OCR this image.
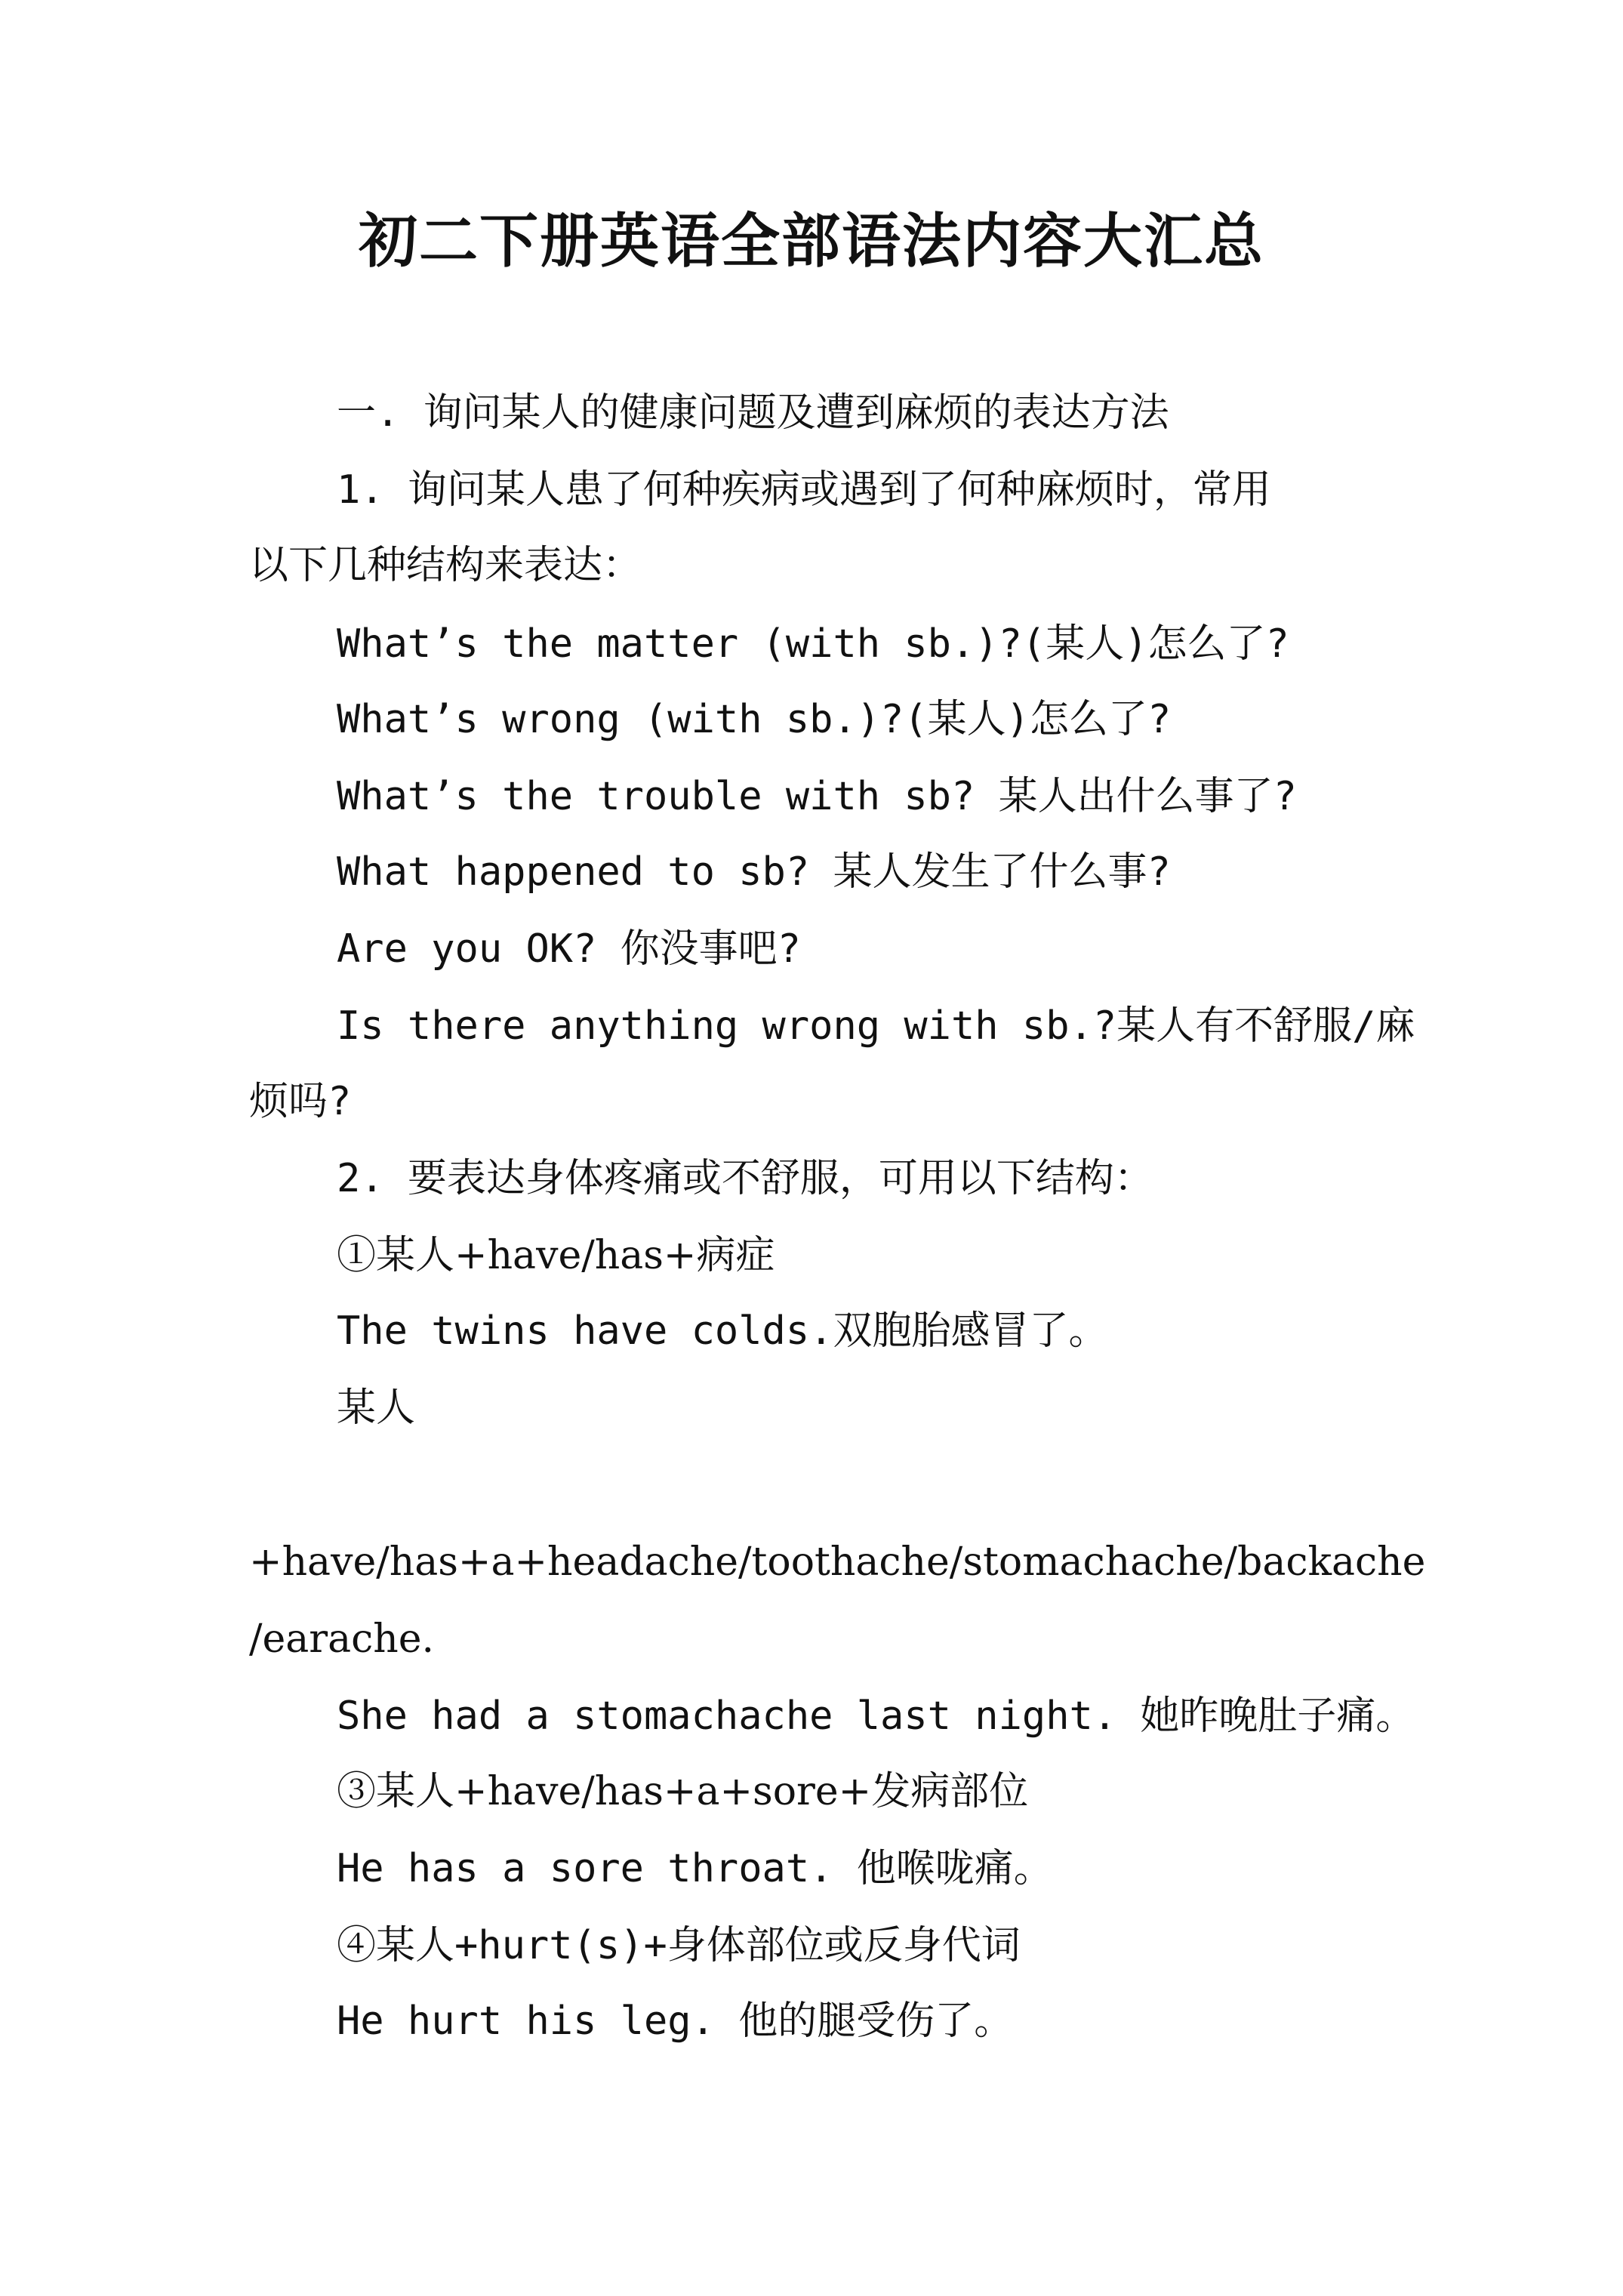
初二下册英语全部语法内容大汇总
一. 询问某人的健康问题及遭到麻烦的表达方法
1. 询问某人患了何种疾病或遇到了何种麻烦时，常用
以下几种结构来表达：
What’s the matter (with sb.)?(某人)怎么了?
What’s wrong (with sb.)?(某人)怎么了?
What’s the trouble with sb? 某人出什么事了?
What happened to sb? 某人发生了什么事?
Are you OK? 你没事吧?
Is there anything wrong with sb.?某人有不舒服/麻
烦吗?
2. 要表达身体疼痛或不舒服，可用以下结构：
①某人+have/has+病症
The twins have colds.双胞胎感冒了。
某人
+have/has+a+headache/toothache/stomachache/backache
/earache.
She had a stomachache last night. 她昨晚肚子痛。
③某人+have/has+a+sore+发病部位
He has a sore throat. 他喉咙痛。
④某人+hurt(s)+身体部位或反身代词
He hurt his leg. 他的腿受伤了。
